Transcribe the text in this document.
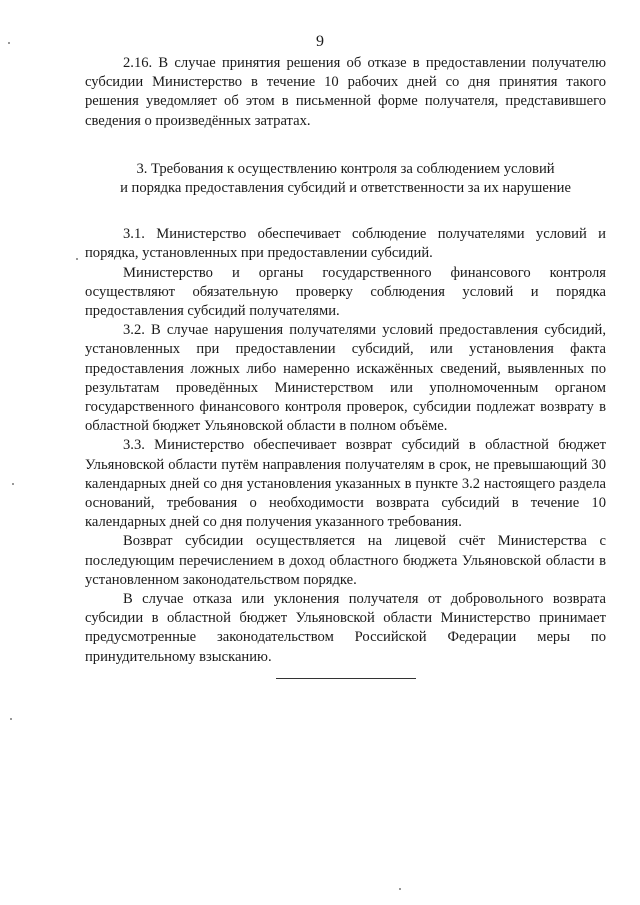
9

2.16. В случае принятия решения об отказе в предоставлении получателю субсидии Министерство в течение 10 рабочих дней со дня принятия такого решения уведомляет об этом в письменной форме получателя, представившего сведения о произведённых затратах.

3. Требования к осуществлению контроля за соблюдением условий
и порядка предоставления субсидий и ответственности за их нарушение

3.1. Министерство обеспечивает соблюдение получателями условий и порядка, установленных при предоставлении субсидий.

Министерство и органы государственного финансового контроля осуществляют обязательную проверку соблюдения условий и порядка предоставления субсидий получателями.

3.2. В случае нарушения получателями условий предоставления субсидий, установленных при предоставлении субсидий, или установления факта предоставления ложных либо намеренно искажённых сведений, выявленных по результатам проведённых Министерством или уполномоченным органом государственного финансового контроля проверок, субсидии подлежат возврату в областной бюджет Ульяновской области в полном объёме.

3.3. Министерство обеспечивает возврат субсидий в областной бюджет Ульяновской области путём направления получателям в срок, не превышающий 30 календарных дней со дня установления указанных в пункте 3.2 настоящего раздела оснований, требования о необходимости возврата субсидий в течение 10 календарных дней со дня получения указанного требования.

Возврат субсидии осуществляется на лицевой счёт Министерства с последующим перечислением в доход областного бюджета Ульяновской области в установленном законодательством порядке.

В случае отказа или уклонения получателя от добровольного возврата субсидии в областной бюджет Ульяновской области Министерство принимает предусмотренные законодательством Российской Федерации меры по принудительному взысканию.
